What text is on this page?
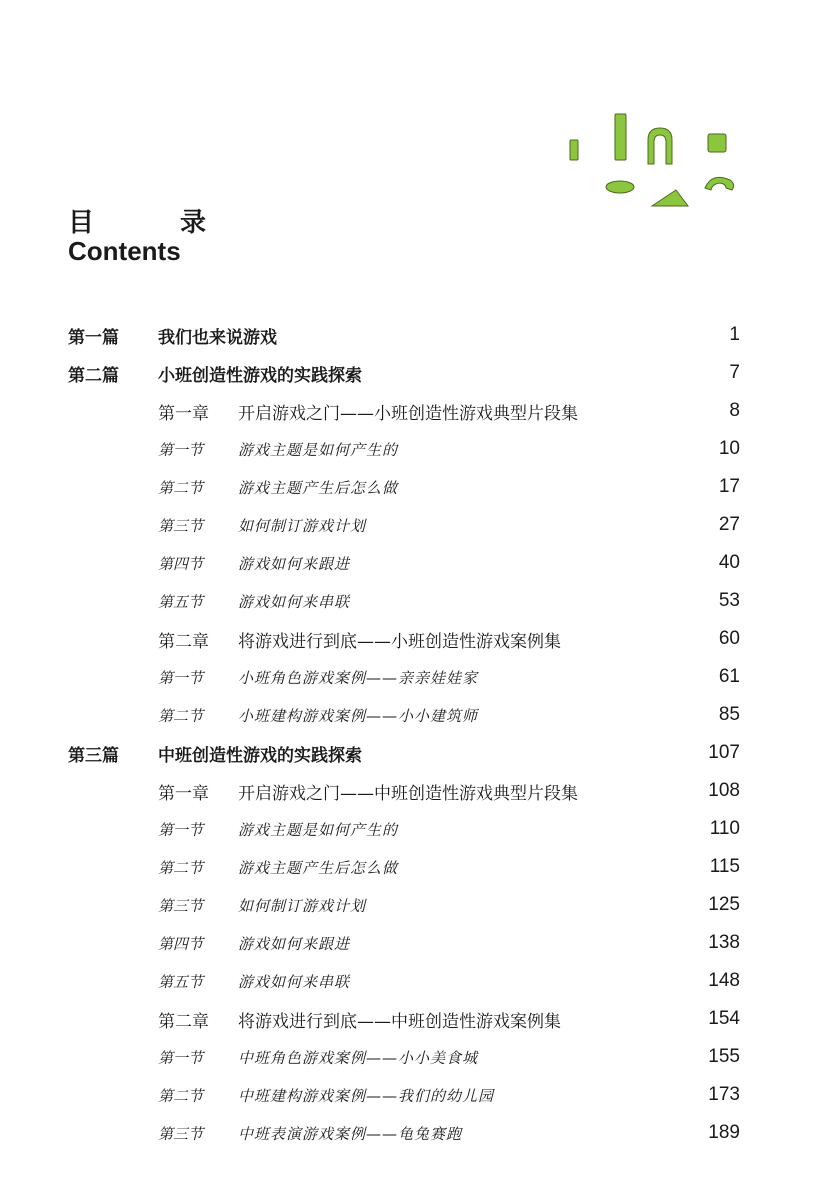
目　录
Contents
第一篇 我们也来说游戏	1
第二篇 小班创造性游戏的实践探索	7
第一章 开启游戏之门——小班创造性游戏典型片段集	8
第一节 游戏主题是如何产生的	10
第二节 游戏主题产生后怎么做	17
第三节 如何制订游戏计划	27
第四节 游戏如何来跟进	40
第五节 游戏如何来串联	53
第二章 将游戏进行到底——小班创造性游戏案例集	60
第一节 小班角色游戏案例——亲亲娃娃家	61
第二节 小班建构游戏案例——小小建筑师	85
第三篇 中班创造性游戏的实践探索	107
第一章 开启游戏之门——中班创造性游戏典型片段集	108
第一节 游戏主题是如何产生的	110
第二节 游戏主题产生后怎么做	115
第三节 如何制订游戏计划	125
第四节 游戏如何来跟进	138
第五节 游戏如何来串联	148
第二章 将游戏进行到底——中班创造性游戏案例集	154
第一节 中班角色游戏案例——小小美食城	155
第二节 中班建构游戏案例——我们的幼儿园	173
第三节 中班表演游戏案例——龟兔赛跑	189
